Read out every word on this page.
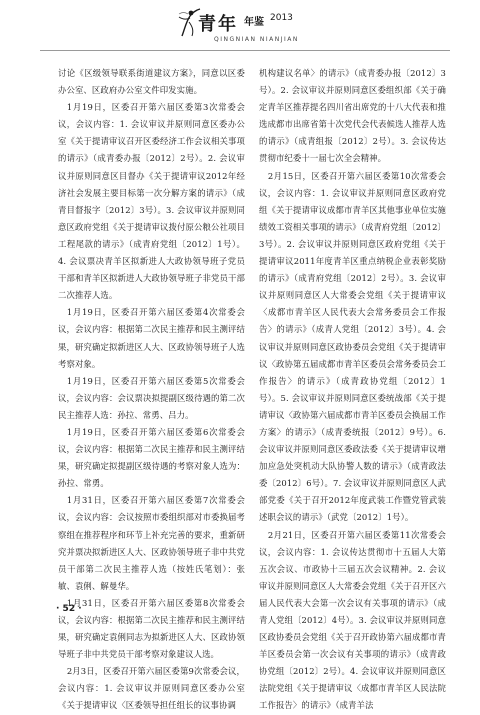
青年 年鉴 2013
QINGNIAN NIANJIAN

讨论《区级领导联系街道建议方案》，同意以区委办公室、区政府办公室文件印发实施。

1月19日，区委召开第六届区委第3次常委会议，会议内容：1. 会议审议并原则同意区委办公室《关于提请审议召开区委经济工作会议相关事项的请示》（成青委办报〔2012〕2号）。2. 会议审议并原则同意区目督办《关于提请审议2012年经济社会发展主要目标第一次分解方案的请示》（成青目督报字〔2012〕3号）。3. 会议审议并原则同意区政府党组《关于提请审议拨付原公粮公社项目工程尾款的请示》（成青府党组〔2012〕1号）。4. 会议票决青羊区拟新进人大政协领导班子党员干部和青羊区拟新进人大政协领导班子非党员干部二次推荐人选。

1月19日，区委召开第六届区委第4次常委会议，会议内容：根据第二次民主推荐和民主测评结果，研究确定拟新进区人大、区政协领导班子人选考察对象。

1月19日，区委召开第六届区委第5次常委会议，会议内容：会议票决拟提副区级待遇的第二次民主推荐人选：孙拉、常勇、吕力。

1月19日，区委召开第六届区委第6次常委会议，会议内容：根据第二次民主推荐和民主测评结果，研究确定拟提副区级待遇的考察对象人选为：孙拉、常勇。

1月31日，区委召开第六届区委第7次常委会议，会议内容：会议按照市委组织部对市委换届考察组在推荐程序和环节上补充完善的要求，重新研究并票决拟新进区人大、区政协领导班子非中共党员干部第二次民主推荐人选（按姓氏笔划）：张敏、袁俐、解曼华。

1月31日，区委召开第六届区委第8次常委会议，会议内容：根据第二次民主推荐和民主测评结果，研究确定袁俐同志为拟新进区人大、区政协领导班子非中共党员干部考察对象建议人选。

2月3日，区委召开第六届区委第9次常委会议，会议内容：1. 会议审议并原则同意区委办公室《关于提请审议〈区委领导担任组长的议事协调

机构建议名单〉的请示》（成青委办报〔2012〕3号）。2. 会议审议并原则同意区委组织部《关于确定青羊区推荐提名四川省出席党的十八大代表和推选成都市出席省第十次党代会代表候选人推荐人选的请示》（成青组报〔2012〕2号）。3. 会议传达贯彻市纪委十一届七次全会精神。

2月15日，区委召开第六届区委第10次常委会议，会议内容：1. 会议审议并原则同意区政府党组《关于提请审议成都市青羊区其他事业单位实施绩效工资相关事项的请示》（成青府党组〔2012〕3号）。2. 会议审议并原则同意区政府党组《关于提请审议2011年度青羊区重点纳税企业表彰奖励的请示》（成青府党组〔2012〕2号）。3. 会议审议并原则同意区人大常委会党组《关于提请审议〈成都市青羊区人民代表大会常务委员会工作报告〉的请示》（成青人党组〔2012〕3号）。4. 会议审议并原则同意区政协委员会党组《关于提请审议〈政协第五届成都市青羊区委员会常务委员会工作报告〉的请示》（成青政协党组〔2012〕1号）。5. 会议审议并原则同意区委统战部《关于提请审议〈政协第六届成都市青羊区委员会换届工作方案〉的请示》（成青委统报〔2012〕9号）。6. 会议审议并原则同意区委政法委《关于提请审议增加应急处突机动大队协警人数的请示》（成青政法委〔2012〕6号）。7. 会议审议并原则同意区人武部党委《关于召开2012年度武装工作暨党管武装述职会议的请示》（武党〔2012〕1号）。

2月21日，区委召开第六届区委第11次常委会议，会议内容：1. 会议传达贯彻市十五届人大第五次会议、市政协十三届五次会议精神。2. 会议审议并原则同意区人大常委会党组《关于召开区六届人民代表大会第一次会议有关事项的请示》（成青人党组〔2012〕4号）。3. 会议审议并原则同意区政协委员会党组《关于召开政协第六届成都市青羊区委员会第一次会议有关事项的请示》（成青政协党组〔2012〕2号）。4. 会议审议并原则同意区法院党组《关于提请审议〈成都市青羊区人民法院工作报告〉的请示》（成青羊法

· 52 ·
